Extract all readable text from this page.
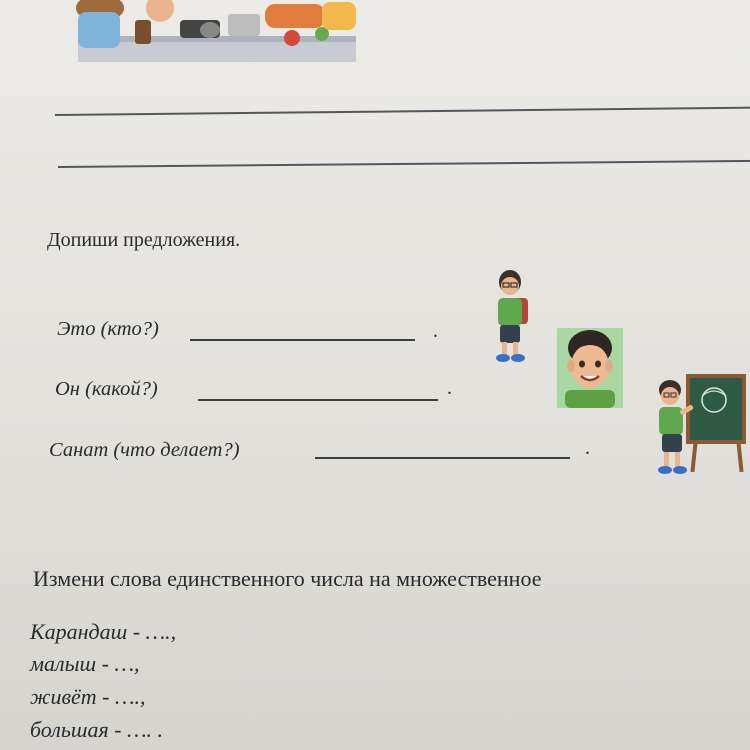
Допиши предложения.
Это (кто?)	.
Он (какой?)	.
Санат (что делает?)	.
Измени слова единственного числа на множественное
Карандаш - ….,
малыш - …,
живёт - ….,
большая - …. .
